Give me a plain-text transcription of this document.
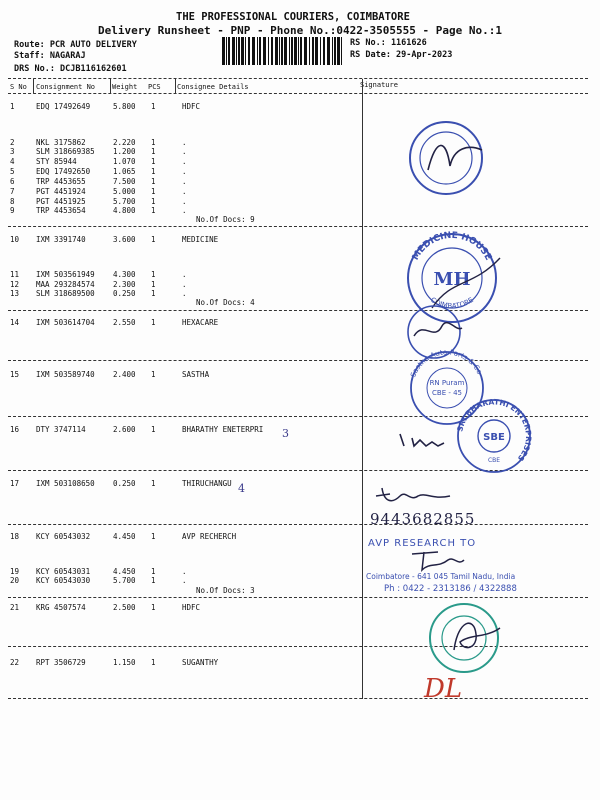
THE PROFESSIONAL COURIERS, COIMBATORE
Delivery Runsheet - PNP - Phone No.:0422-3505555 - Page No.:1
Route: PCR AUTO DELIVERY
Staff: NAGARAJ
DRS No.: DCJB116162601
RS No.: 1161626
RS Date: 29-Apr-2023
S No Consignment No Weight PCS Consignee Details	Signature
1	EDQ 17492649	5.800 1	HDFC
2	NKL 3175862	2.220 1	.
3	SLM 318669385 1.200 1	.
4	STY 85944	1.070 1	.
5	EDQ 17492650	1.065 1	.
6	TRP 4453655	7.500 1	.
7	PGT 4451924	5.000 1	.
8	PGT 4451925	5.700 1	.
9	TRP 4453654	4.800 1	.
No.Of Docs: 9
10 IXM 3391740	3.600 1	MEDICINE
11 IXM 503561949 4.300 1	.
12 MAA 293284574 2.300 1	.
13 SLM 318689500 0.250 1	.
No.Of Docs: 4
14 IXM 503614704 2.550 1	HEXACARE
15 IXM 503589740 2.400 1	SASTHA
16 DTY 3747114	2.600 1	BHARATHY ENETERPRI 3
17 IXM 503108650 0.250 1	THIRUCHANGU 4
18 KCY 60543032	4.450 1	AVP RECHERCH
19 KCY 60543031	4.450 1	.
20 KCY 60543030	5.700 1	.
No.Of Docs: 3
21 KRG 4507574	2.500 1	HDFC
22 RPT 3506729	1.150 1	SUGANTHY
MEDICINE HOUSE
COIMBATORE
MH
Sastha Auto Parts & Co
RN Puram
CBE - 45
SRI BHARATHI ENTERPRISES
SBE
CBE
9443682855
AVP RESEARCH TO
Coimbatore - 641 045 Tamil Nadu, India
Ph : 0422 - 2313186 / 4322888
DL
